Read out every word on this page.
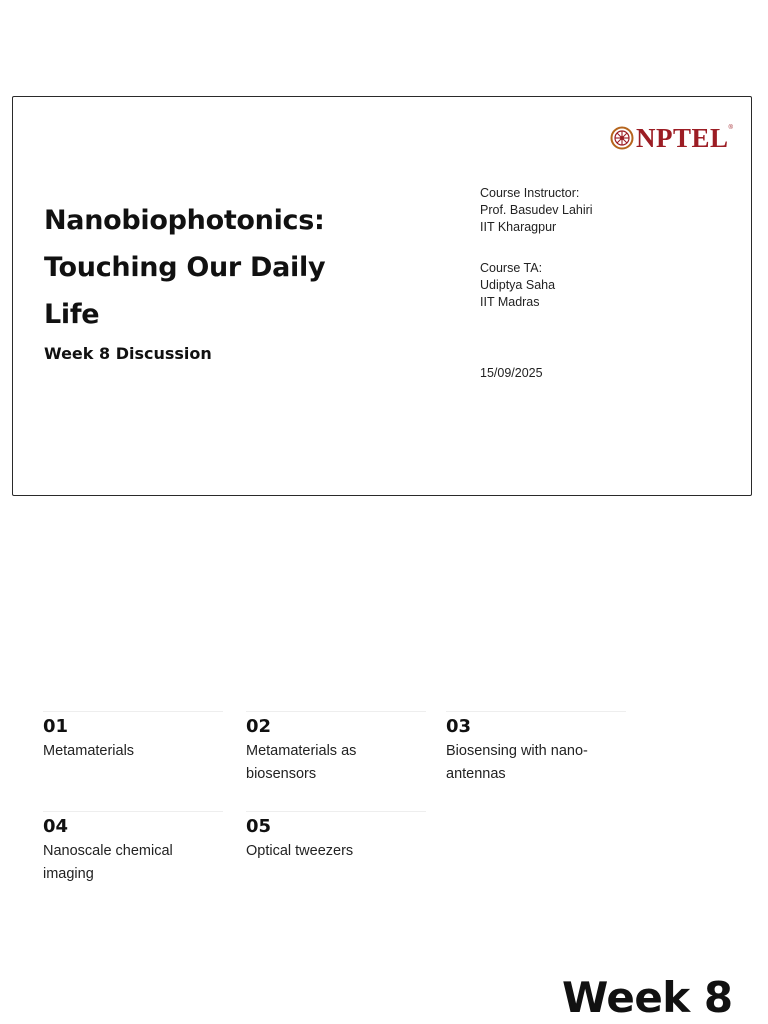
NPTEL ®
Nanobiophotonics: Touching Our Daily Life
Week 8 Discussion
Course Instructor:
Prof. Basudev Lahiri
IIT Kharagpur
Course TA:
Udiptya Saha
IIT Madras
15/09/2025
01
Metamaterials
02
Metamaterials as biosensors
03
Biosensing with nano-antennas
04
Nanoscale chemical imaging
05
Optical tweezers
Week 8
